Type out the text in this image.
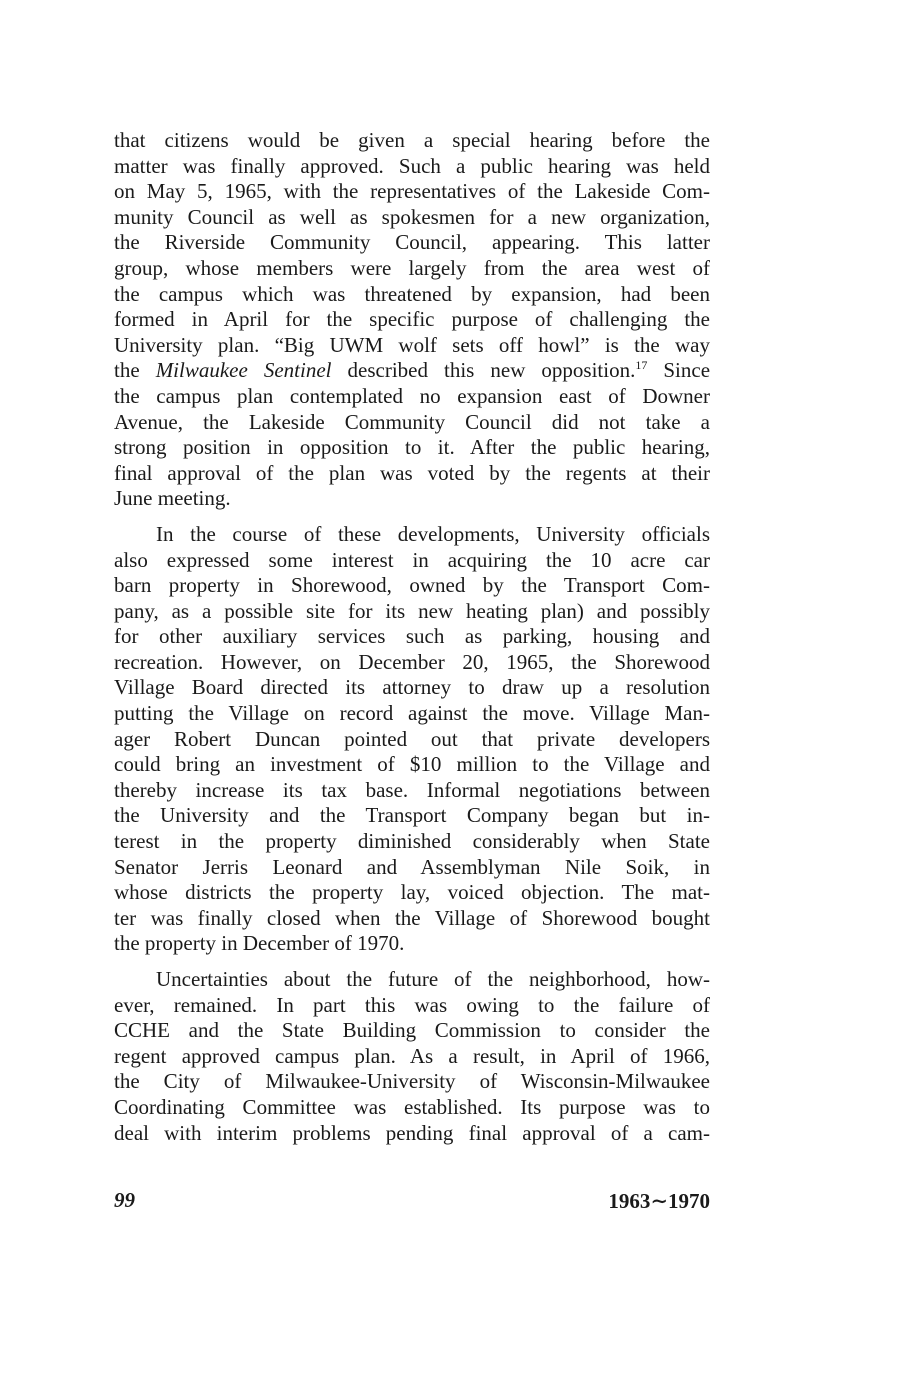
that citizens would be given a special hearing before the
matter was finally approved. Such a public hearing was held
on May 5, 1965, with the representatives of the Lakeside Com-
munity Council as well as spokesmen for a new organization,
the Riverside Community Council, appearing. This latter
group, whose members were largely from the area west of
the campus which was threatened by expansion, had been
formed in April for the specific purpose of challenging the
University plan. “Big UWM wolf sets off howl” is the way
the Milwaukee Sentinel described this new opposition.$^{17}$ Since
the campus plan contemplated no expansion east of Downer
Avenue, the Lakeside Community Council did not take a
strong position in opposition to it. After the public hearing,
final approval of the plan was voted by the regents at their
June meeting.
In the course of these developments, University officials
also expressed some interest in acquiring the 10 acre car
barn property in Shorewood, owned by the Transport Com-
pany, as a possible site for its new heating plan) and possibly
for other auxiliary services such as parking, housing and
recreation. However, on December 20, 1965, the Shorewood
Village Board directed its attorney to draw up a resolution
putting the Village on record against the move. Village Man-
ager Robert Duncan pointed out that private developers
could bring an investment of $10 million to the Village and
thereby increase its tax base. Informal negotiations between
the University and the Transport Company began but in-
terest in the property diminished considerably when State
Senator Jerris Leonard and Assemblyman Nile Soik, in
whose districts the property lay, voiced objection. The mat-
ter was finally closed when the Village of Shorewood bought
the property in December of 1970.
Uncertainties about the future of the neighborhood, how-
ever, remained. In part this was owing to the failure of
CCHE and the State Building Commission to consider the
regent approved campus plan. As a result, in April of 1966,
the City of Milwaukee-University of Wisconsin-Milwaukee
Coordinating Committee was established. Its purpose was to
deal with interim problems pending final approval of a cam-
99	1963∼1970
